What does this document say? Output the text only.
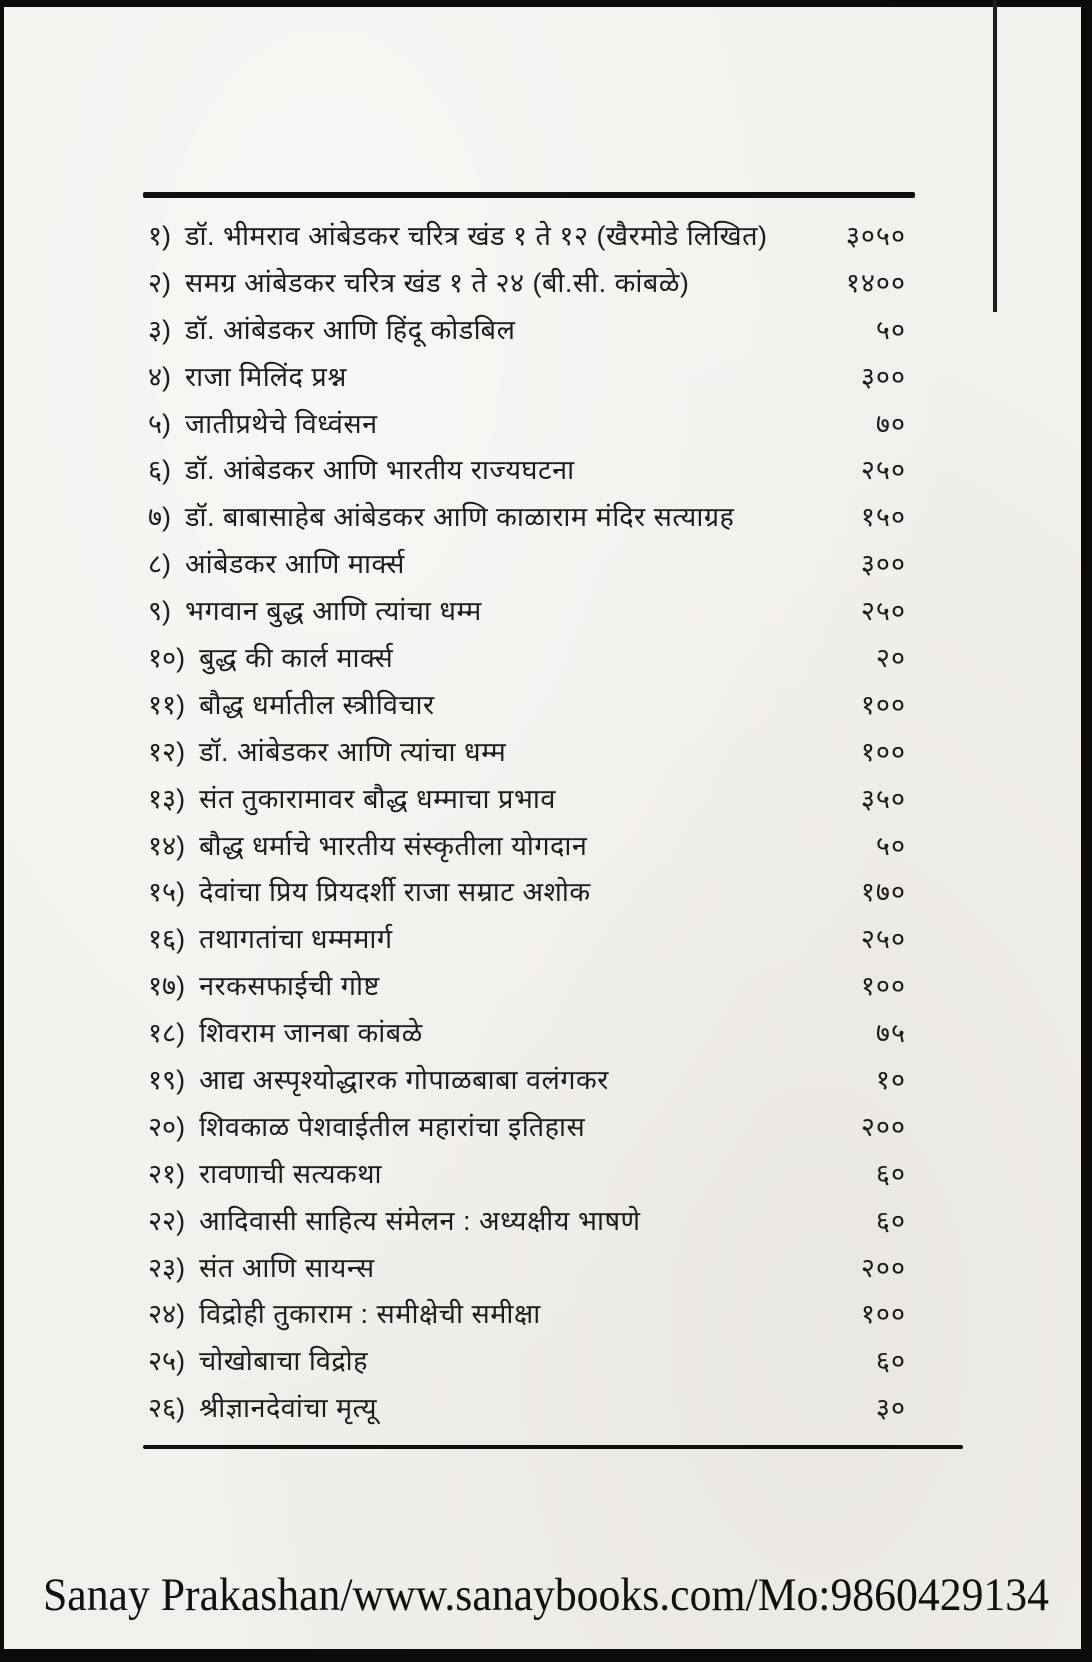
१) डॉ. भीमराव आंबेडकर चरित्र खंड १ ते १२ (खैरमोडे लिखित)	३०५०
२) समग्र आंबेडकर चरित्र खंड १ ते २४ (बी.सी. कांबळे)	१४००
३) डॉ. आंबेडकर आणि हिंदू कोडबिल	५०
४) राजा मिलिंद प्रश्न	३००
५) जातीप्रथेचे विध्वंसन	७०
६) डॉ. आंबेडकर आणि भारतीय राज्यघटना	२५०
७) डॉ. बाबासाहेब आंबेडकर आणि काळाराम मंदिर सत्याग्रह	१५०
८) आंबेडकर आणि मार्क्स	३००
९) भगवान बुद्ध आणि त्यांचा धम्म	२५०
१०) बुद्ध की कार्ल मार्क्स	२०
११) बौद्ध धर्मातील स्त्रीविचार	१००
१२) डॉ. आंबेडकर आणि त्यांचा धम्म	१००
१३) संत तुकारामावर बौद्ध धम्माचा प्रभाव	३५०
१४) बौद्ध धर्माचे भारतीय संस्कृतीला योगदान	५०
१५) देवांचा प्रिय प्रियदर्शी राजा सम्राट अशोक	१७०
१६) तथागतांचा धम्ममार्ग	२५०
१७) नरकसफाईची गोष्ट	१००
१८) शिवराम जानबा कांबळे	७५
१९) आद्य अस्पृश्योद्धारक गोपाळबाबा वलंगकर	१०
२०) शिवकाळ पेशवाईतील महारांचा इतिहास	२००
२१) रावणाची सत्यकथा	६०
२२) आदिवासी साहित्य संमेलन : अध्यक्षीय भाषणे	६०
२३) संत आणि सायन्स	२००
२४) विद्रोही तुकाराम : समीक्षेची समीक्षा	१००
२५) चोखोबाचा विद्रोह	६०
२६) श्रीज्ञानदेवांचा मृत्यू	३०
Sanay Prakashan/www.sanaybooks.com/Mo:9860429134
